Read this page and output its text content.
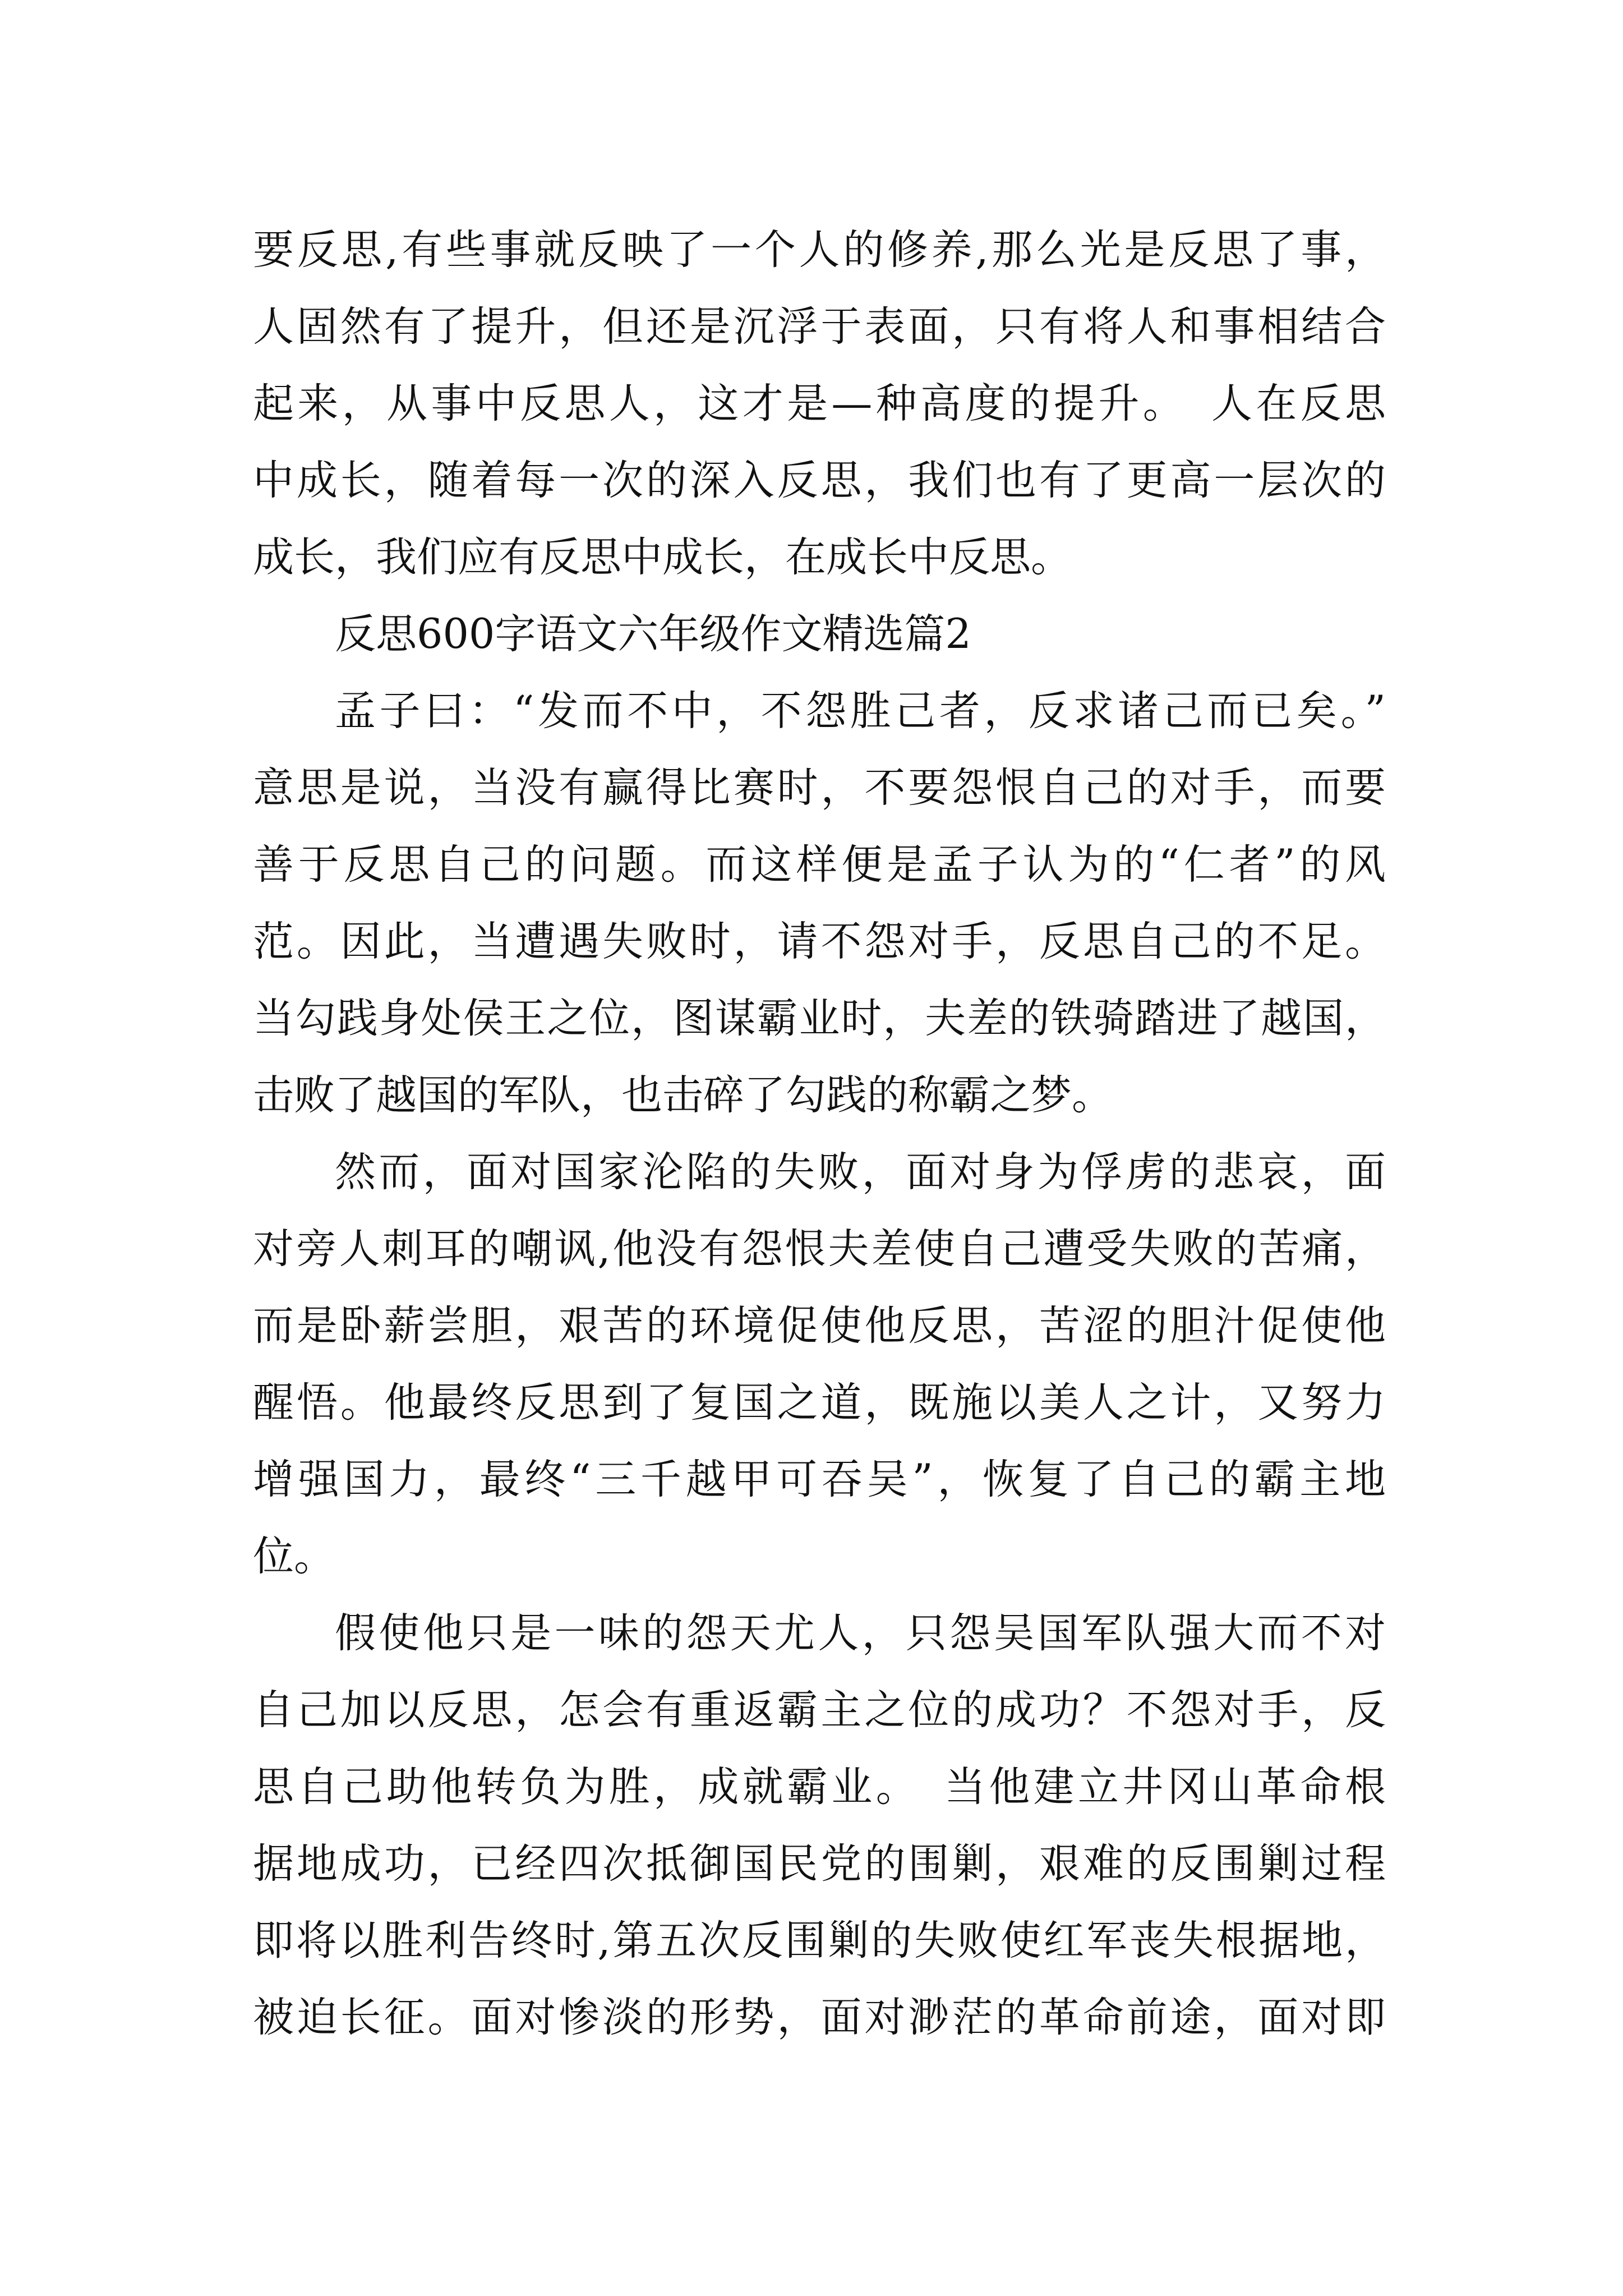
要反思,有些事就反映了一个人的修养,那么光是反思了事，
人固然有了提升，但还是沉浮于表面，只有将人和事相结合
起来，从事中反思人，这才是—种高度的提升。　人在反思
中成长，随着每一次的深入反思，我们也有了更高一层次的
成长，我们应有反思中成长，在成长中反思。
反思600字语文六年级作文精选篇2
孟子曰：“发而不中，不怨胜己者，反求诸己而已矣。”
意思是说，当没有赢得比赛时，不要怨恨自己的对手，而要
善于反思自己的问题。而这样便是孟子认为的“仁者”的风
范。因此，当遭遇失败时，请不怨对手，反思自己的不足。
当勾践身处侯王之位，图谋霸业时，夫差的铁骑踏进了越国，
击败了越国的军队，也击碎了勾践的称霸之梦。
然而，面对国家沦陷的失败，面对身为俘虏的悲哀，面
对旁人刺耳的嘲讽,他没有怨恨夫差使自己遭受失败的苦痛，
而是卧薪尝胆，艰苦的环境促使他反思，苦涩的胆汁促使他
醒悟。他最终反思到了复国之道，既施以美人之计，又努力
增强国力，最终“三千越甲可吞吴”，恢复了自己的霸主地
位。
假使他只是一味的怨天尤人，只怨吴国军队强大而不对
自己加以反思，怎会有重返霸主之位的成功？不怨对手，反
思自己助他转负为胜，成就霸业。　当他建立井冈山革命根
据地成功，已经四次抵御国民党的围剿，艰难的反围剿过程
即将以胜利告终时,第五次反围剿的失败使红军丧失根据地，
被迫长征。面对惨淡的形势，面对渺茫的革命前途，面对即
